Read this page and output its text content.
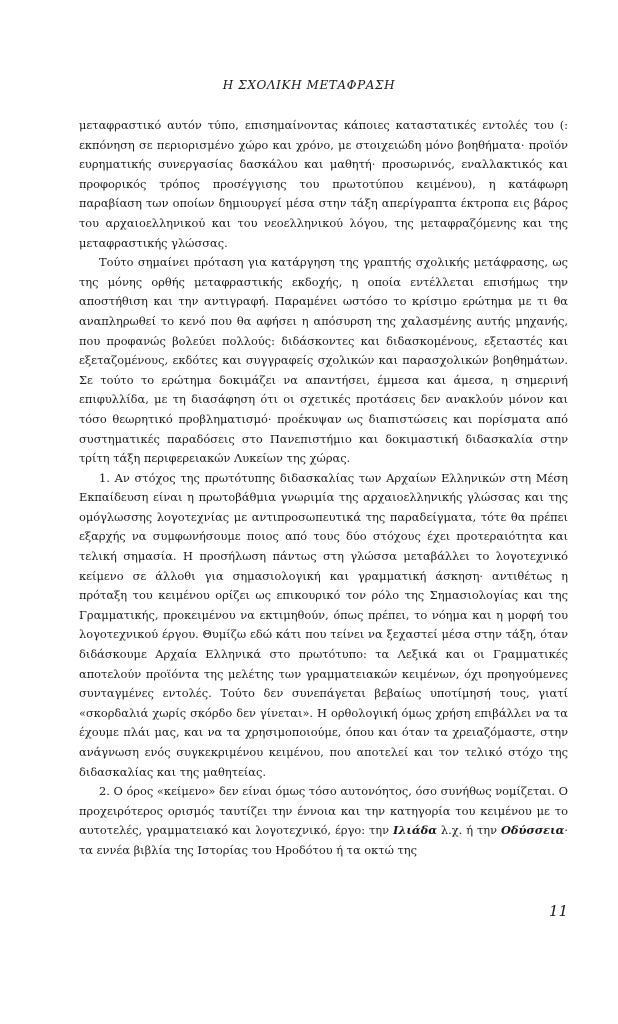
Η ΣΧΟΛΙΚΗ ΜΕΤΑΦΡΑΣΗ

μεταφραστικό αυτόν τύπο, επισημαίνοντας κάποιες καταστατικές εντολές του (: εκπόνηση σε περιορισμένο χώρο και χρόνο, με στοιχειώδη μόνο βοηθήματα· προϊόν ευρηματικής συνεργασίας δασκάλου και μαθητή· προσωρινός, εναλλακτικός και προφορικός τρόπος προσέγγισης του πρωτοτύπου κειμένου), η κατάφωρη παραβίαση των οποίων δημιουργεί μέσα στην τάξη απερίγραπτα έκτροπα εις βάρος του αρχαιοελληνικού και του νεοελληνικού λόγου, της μεταφραζόμενης και της μεταφραστικής γλώσσας.

Τούτο σημαίνει πρόταση για κατάργηση της γραπτής σχολικής μετάφρασης, ως της μόνης ορθής μεταφραστικής εκδοχής, η οποία εντέλλεται επισήμως την αποστήθιση και την αντιγραφή. Παραμένει ωστόσο το κρίσιμο ερώτημα με τι θα αναπληρωθεί το κενό που θα αφήσει η απόσυρση της χαλασμένης αυτής μηχανής, που προφανώς βολεύει πολλούς: διδάσκοντες και διδασκομένους, εξεταστές και εξεταζομένους, εκδότες και συγγραφείς σχολικών και παρασχολικών βοηθημάτων. Σε τούτο το ερώτημα δοκιμάζει να απαντήσει, έμμεσα και άμεσα, η σημερινή επιφυλλίδα, με τη διασάφηση ότι οι σχετικές προτάσεις δεν ανακλούν μόνον και τόσο θεωρητικό προβληματισμό· προέκυψαν ως διαπιστώσεις και πορίσματα από συστηματικές παραδόσεις στο Πανεπιστήμιο και δοκιμαστική διδασκαλία στην τρίτη τάξη περιφερειακών Λυκείων της χώρας.

1. Αν στόχος της πρωτότυπης διδασκαλίας των Αρχαίων Ελληνικών στη Μέση Εκπαίδευση είναι η πρωτοβάθμια γνωριμία της αρχαιοελληνικής γλώσσας και της ομόγλωσσης λογοτεχνίας με αντιπροσωπευτικά της παραδείγματα, τότε θα πρέπει εξαρχής να συμφωνήσουμε ποιος από τους δύο στόχους έχει προτεραιότητα και τελική σημασία. Η προσήλωση πάντως στη γλώσσα μεταβάλλει το λογοτεχνικό κείμενο σε άλλοθι για σημασιολογική και γραμματική άσκηση· αντιθέτως η πρόταξη του κειμένου ορίζει ως επικουρικό τον ρόλο της Σημασιολογίας και της Γραμματικής, προκειμένου να εκτιμηθούν, όπως πρέπει, το νόημα και η μορφή του λογοτεχνικού έργου. Θυμίζω εδώ κάτι που τείνει να ξεχαστεί μέσα στην τάξη, όταν διδάσκουμε Αρχαία Ελληνικά στο πρωτότυπο: τα Λεξικά και οι Γραμματικές αποτελούν προϊόντα της μελέτης των γραμματειακών κειμένων, όχι προηγούμενες συνταγμένες εντολές. Τούτο δεν συνεπάγεται βεβαίως υποτίμησή τους, γιατί «σκορδαλιά χωρίς σκόρδο δεν γίνεται». Η ορθολογική όμως χρήση επιβάλλει να τα έχουμε πλάι μας, και να τα χρησιμοποιούμε, όπου και όταν τα χρειαζόμαστε, στην ανάγνωση ενός συγκεκριμένου κειμένου, που αποτελεί και τον τελικό στόχο της διδασκαλίας και της μαθητείας.

2. Ο όρος «κείμενο» δεν είναι όμως τόσο αυτονόητος, όσο συνήθως νομίζεται. Ο προχειρότερος ορισμός ταυτίζει την έννοια και την κατηγορία του κειμένου με το αυτοτελές, γραμματειακό και λογοτεχνικό, έργο: την Ιλιάδα λ.χ. ή την Οδύσσεια· τα εννέα βιβλία της Ιστορίας του Ηροδότου ή τα οκτώ της

11
